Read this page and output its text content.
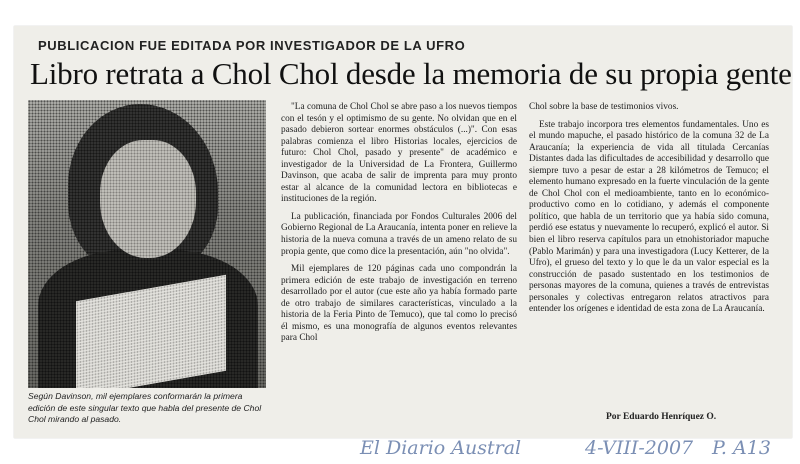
PUBLICACION FUE EDITADA POR INVESTIGADOR DE LA UFRO
Libro retrata a Chol Chol desde la memoria de su propia gente
Según Davinson, mil ejemplares conformarán la primera edición de este singular texto que habla del presente de Chol Chol mirando al pasado.

"La comuna de Chol Chol se abre paso a los nuevos tiempos con el tesón y el optimismo de su gente. No olvidan que en el pasado debieron sortear enormes obstáculos (...)". Con esas palabras comienza el libro Historias locales, ejercicios de futuro: Chol Chol, pasado y presente" de académico e investigador de la Universidad de La Frontera, Guillermo Davinson, que acaba de salir de imprenta para muy pronto estar al alcance de la comunidad lectora en bibliotecas e instituciones de la región.

La publicación, financiada por Fondos Culturales 2006 del Gobierno Regional de La Araucanía, intenta poner en relieve la historia de la nueva comuna a través de un ameno relato de su propia gente, que como dice la presentación, aún "no olvida".

Mil ejemplares de 120 páginas cada uno compondrán la primera edición de este trabajo de investigación en terreno desarrollado por el autor (cue este año ya había formado parte de otro trabajo de similares características, vinculado a la historia de la Feria Pinto de Temuco), que tal como lo precisó él mismo, es una monografía de algunos eventos relevantes para Chol

Chol sobre la base de testimonios vivos.

Este trabajo incorpora tres elementos fundamentales. Uno es el mundo mapuche, el pasado histórico de la comuna 32 de La Araucanía; la experiencia de vida all titulada Cercanías Distantes dada las dificultades de accesibilidad y desarrollo que siempre tuvo a pesar de estar a 28 kilómetros de Temuco; el elemento humano expresado en la fuerte vinculación de la gente de Chol Chol con el medioambiente, tanto en lo económico-productivo como en lo cotidiano, y además el componente político, que habla de un territorio que ya había sido comuna, perdió ese estatus y nuevamente lo recuperó, explicó el autor. Si bien el libro reserva capítulos para un etnohistoriador mapuche (Pablo Marimán) y para una investigadora (Lucy Ketterer, de la Ufro), el grueso del texto y lo que le da un valor especial es la construcción de pasado sustentado en los testimonios de personas mayores de la comuna, quienes a través de entrevistas personales y colectivas entregaron relatos atractivos para entender los orígenes e identidad de esta zona de La Araucanía.

Por Eduardo Henríquez O.
El Diario Austral	4-VIII-2007 P. A13
